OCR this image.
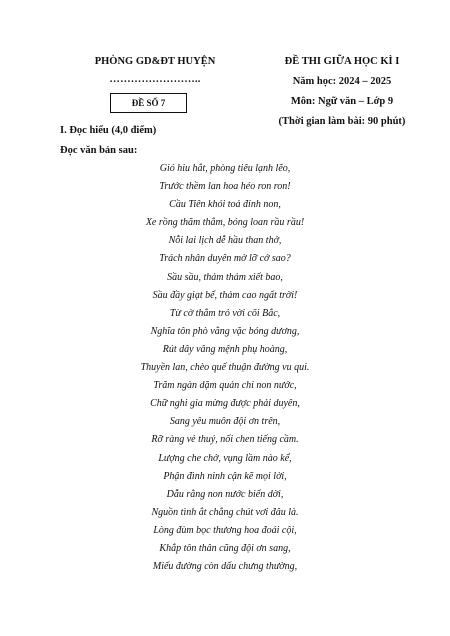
PHÒNG GD&ĐT HUYỆN
……………………..
ĐỀ SỐ 7
ĐỀ THI GIỮA HỌC KÌ I
Năm học: 2024 – 2025
Môn: Ngữ văn – Lớp 9
(Thời gian làm bài: 90 phút)
I. Đọc hiểu (4,0 điểm)
Đọc văn bản sau:
Gió hiu hắt, phòng tiêu lạnh lẽo,
Trước thềm lan hoa héo ron ron!
Cầu Tiên khói toả đỉnh non,
Xe rồng thăm thẳm, bóng loan rầu rầu!
Nỗi lai lịch dễ hầu than thở,
Trách nhân duyên mờ lỡ cớ sao?
Sầu sầu, thảm thảm xiết bao,
Sầu đầy giạt bể, thảm cao ngất trời!
Từ cờ thắm trỏ vời cõi Bắc,
Nghĩa tôn phò vằng vặc bóng dương,
Rút dây vâng mệnh phụ hoàng,
Thuyền lan, chèo quế thuận đường vu qui.
Trăm ngàn dặm quản chi non nước,
Chữ nghi gia mừng được phải duyên,
Sang yêu muôn đội ơn trên,
Rỡ ràng vẻ thuý, nối chen tiếng cầm.
Lượng che chở, vụng lầm nào kể,
Phận đình ninh cận kẽ mọi lời,
Dẫu rằng non nước biến dời,
Nguồn tình ắt chẳng chút vơi đâu là.
Lòng đùm bọc thương hoa đoái cội,
Khắp tôn thân cũng đội ơn sang,
Miếu đường còn dấu chưng thường,
